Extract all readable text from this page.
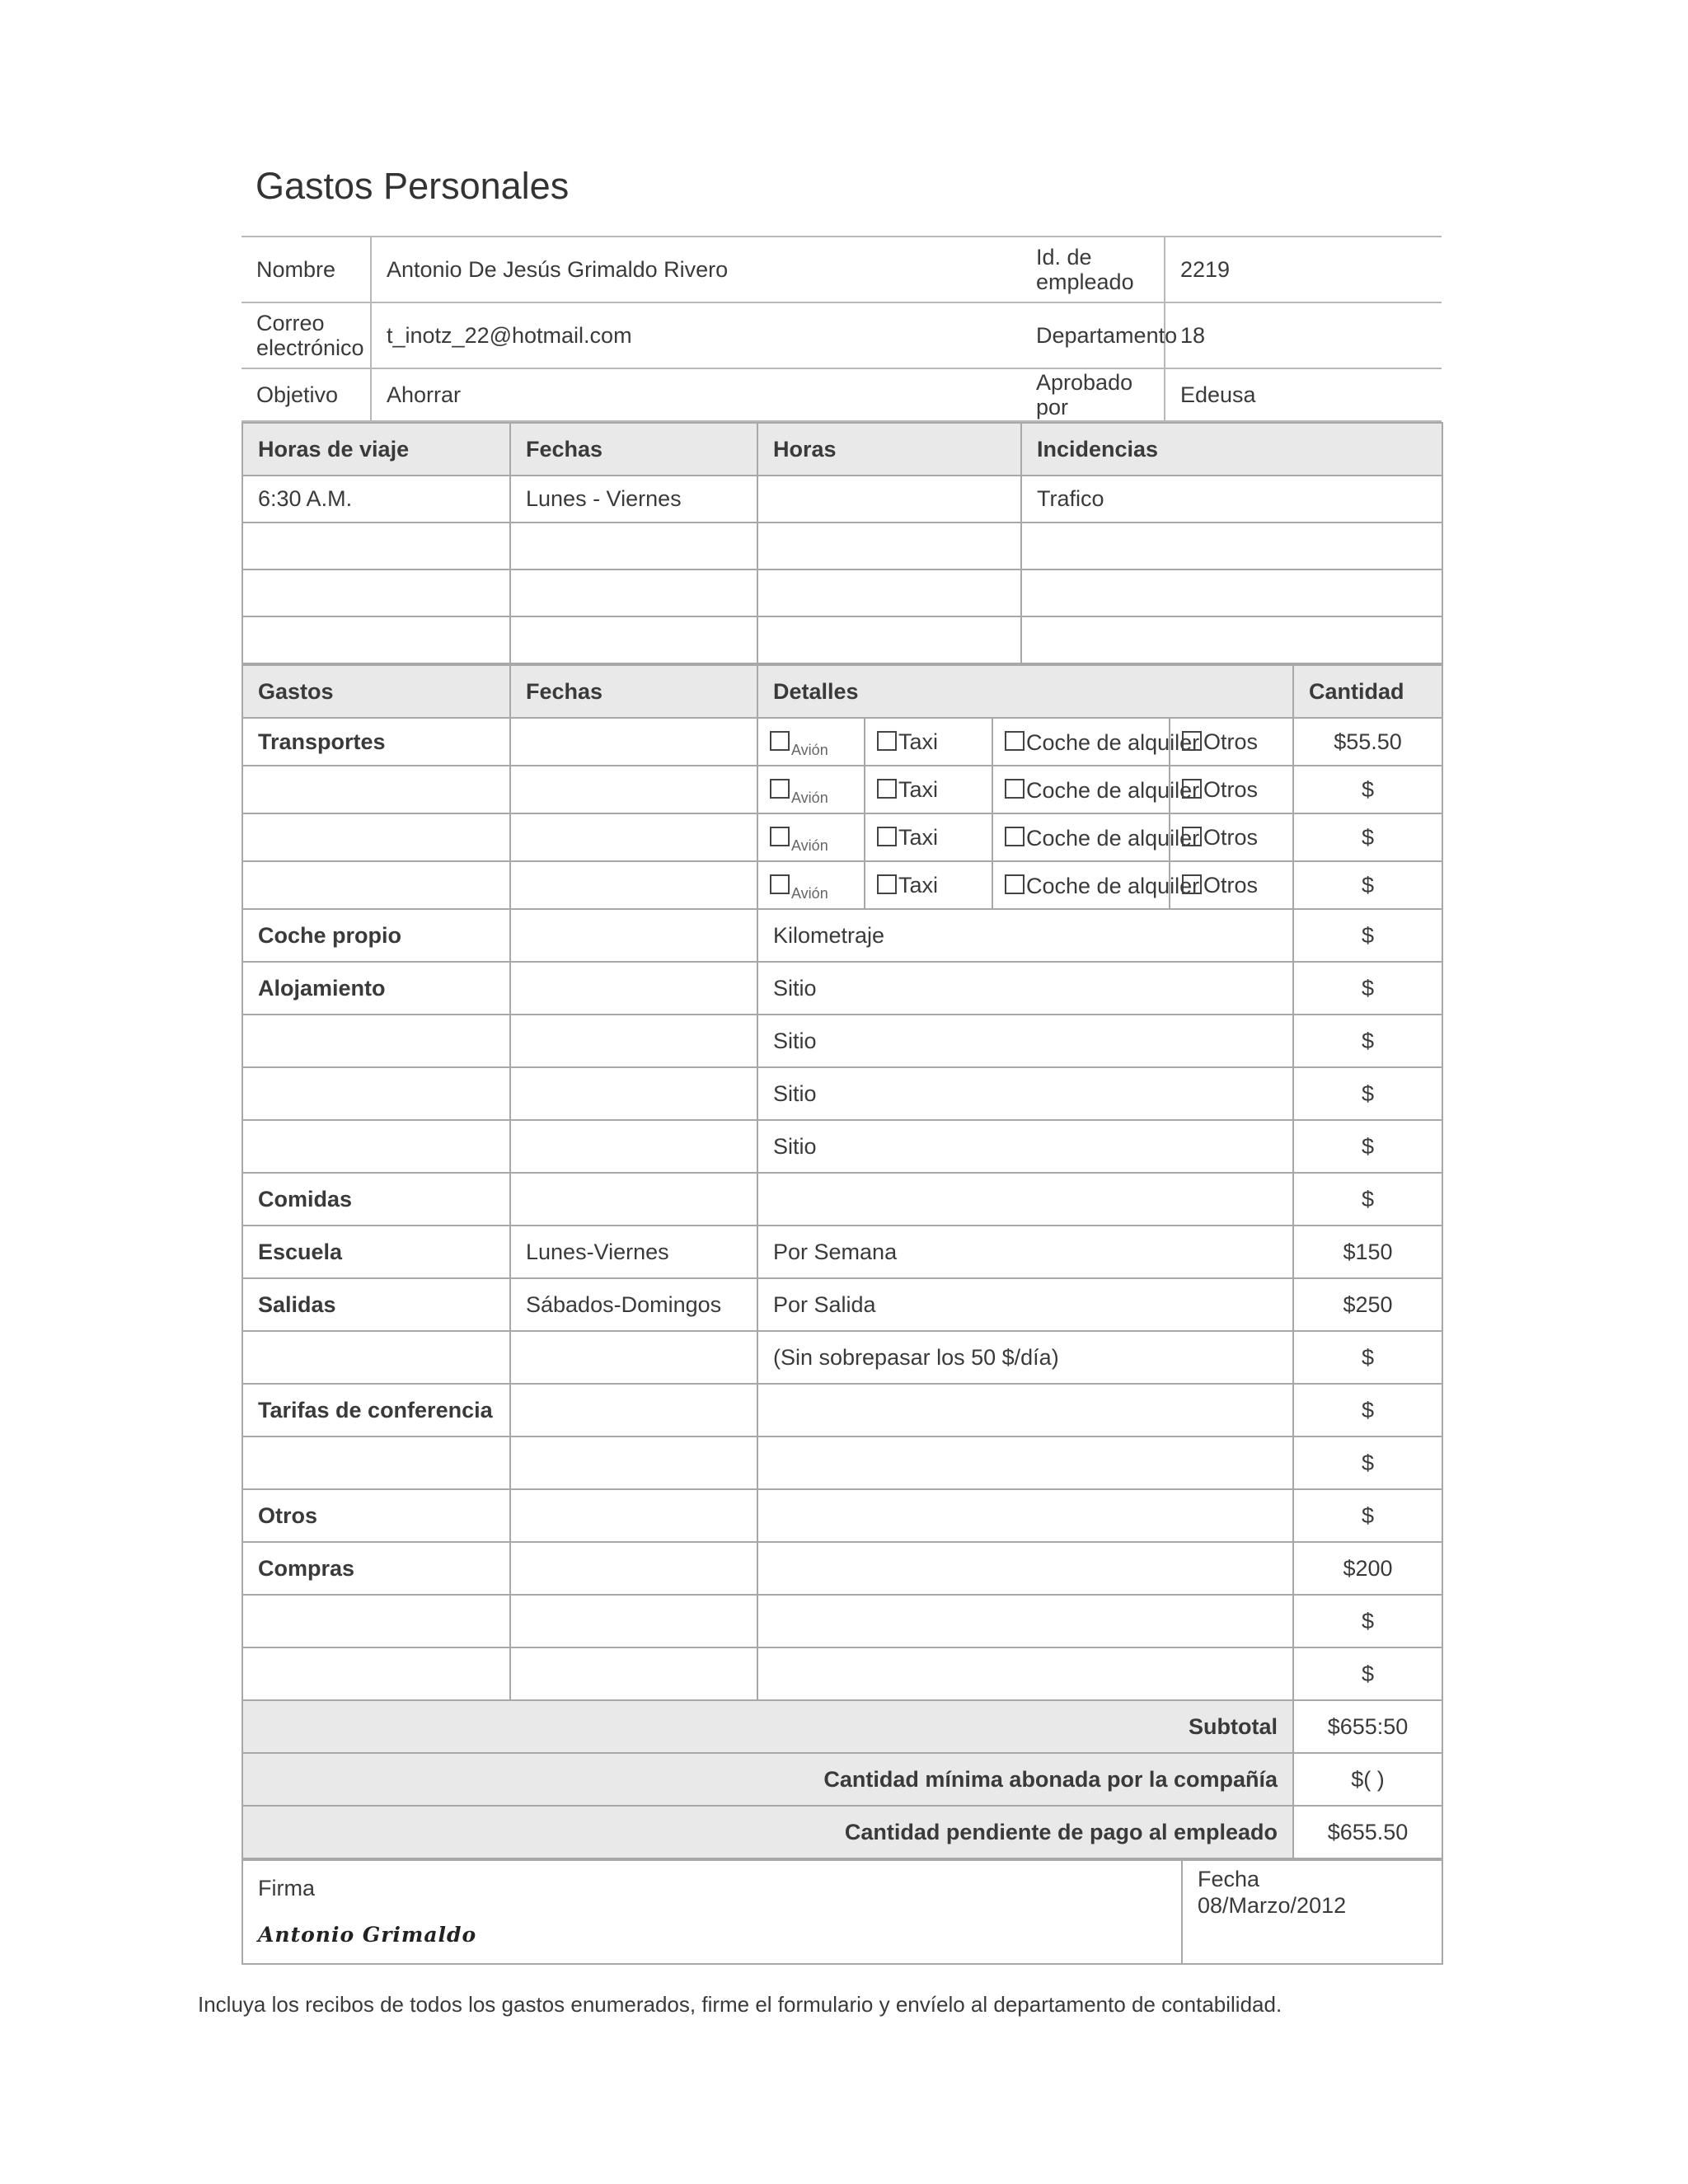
Gastos Personales
Nombre	Antonio De Jesús Grimaldo Rivero	Id. de empleado	2219
Correo electrónico	t_inotz_22@hotmail.com	Departamento	18
Objetivo	Ahorrar	Aprobado por	Edeusa
Horas de viaje	Fechas	Horas	Incidencias
6:30 A.M.	Lunes - Viernes		Trafico

Gastos	Fechas	Detalles				Cantidad
Transportes		Avión	Taxi	Coche de alquiler	Otros	$55.50
		Avión	Taxi	Coche de alquiler	Otros	$
		Avión	Taxi	Coche de alquiler	Otros	$
		Avión	Taxi	Coche de alquiler	Otros	$
Coche propio		Kilometraje				$
Alojamiento		Sitio				$
		Sitio				$
		Sitio				$
		Sitio				$
Comidas						$
Escuela	Lunes-Viernes	Por Semana				$150
Salidas	Sábados-Domingos	Por Salida				$250
		(Sin sobrepasar los 50 $/día)				$
Tarifas de conferencia						$
						$
Otros						$
Compras						$200
						$
						$
Subtotal						$655:50
Cantidad mínima abonada por la compañía						$( )
Cantidad pendiente de pago al empleado						$655.50
Firma
Antonio Grimaldo

Fecha
08/Marzo/2012

Incluya los recibos de todos los gastos enumerados, firme el formulario y envíelo al departamento de contabilidad.
